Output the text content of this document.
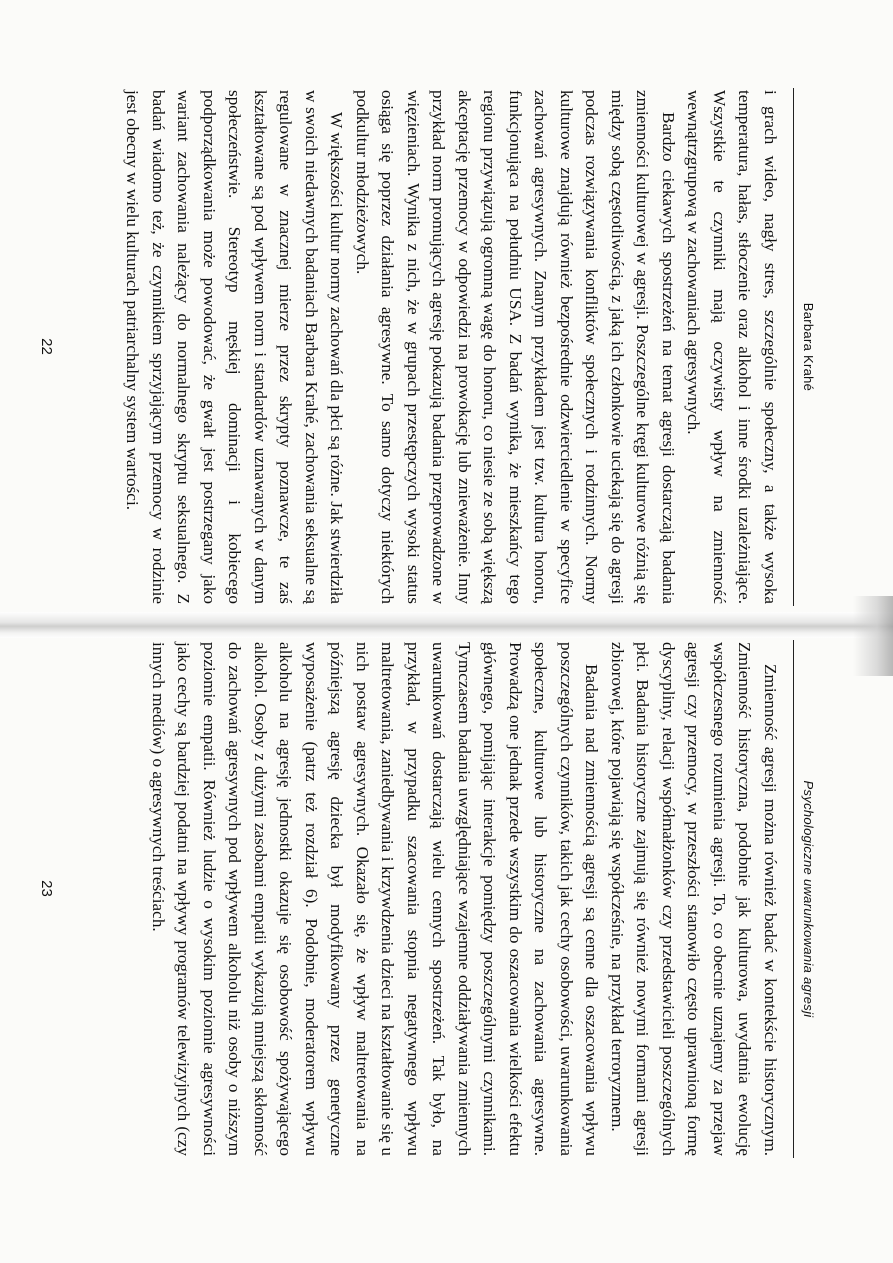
Barbara Krahé

i grach wideo, nagły stres, szczególnie społeczny, a także wysoka temperatura, hałas, stłoczenie oraz alkohol i inne środki uzależniające. Wszystkie te czynniki mają oczywisty wpływ na zmienność wewnątrzgrupową w zachowaniach agresywnych.

Bardzo ciekawych spostrzeżeń na temat agresji dostarczają badania zmienności kulturowej w agresji. Poszczególne kręgi kulturowe różnią się między sobą częstotliwością, z jaką ich członkowie uciekają się do agresji podczas rozwiązywania konfliktów społecznych i rodzinnych. Normy kulturowe znajdują również bezpośrednie odzwierciedlenie w specyfice zachowań agresywnych. Znanym przykładem jest tzw. kultura honoru, funkcjonująca na południu USA. Z badań wynika, że mieszkańcy tego regionu przywiązują ogromną wagę do honoru, co niesie ze sobą większą akceptację przemocy w odpowiedzi na prowokację lub znieważenie. Inny przykład norm promujących agresję pokazują badania przeprowadzone w więzieniach. Wynika z nich, że w grupach przestępczych wysoki status osiąga się poprzez działania agresywne. To samo dotyczy niektórych podkultur młodzieżowych.

W większości kultur normy zachowań dla płci są różne. Jak stwierdziła w swoich niedawnych badaniach Barbara Krahé, zachowania seksualne są regulowane w znacznej mierze przez skrypty poznawcze, te zaś kształtowane są pod wpływem norm i standardów uznawanych w danym społeczeństwie. Stereotyp męskiej dominacji i kobiecego podporządkowania może powodować, że gwałt jest postrzegany jako wariant zachowania należący do normalnego skryptu seksualnego. Z badań wiadomo też, że czynnikiem sprzyjającym przemocy w rodzinie jest obecny w wielu kulturach patriarchalny system wartości.

Psychologiczne uwarunkowania agresji

Zmienność agresji można również badać w kontekście historycznym. Zmienność historyczna, podobnie jak kulturowa, uwydatnia ewolucję współczesnego rozumienia agresji. To, co obecnie uznajemy za przejaw agresji czy przemocy, w przeszłości stanowiło często uprawnioną formę dyscypliny, relacji współmałżonków czy przedstawicieli poszczególnych płci. Badania historyczne zajmują się również nowymi formami agresji zbiorowej, które pojawiają się współcześnie, na przykład terroryzmem.

Badania nad zmiennością agresji są cenne dla oszacowania wpływu poszczególnych czynników, takich jak cechy osobowości, uwarunkowania społeczne, kulturowe lub historyczne na zachowania agresywne. Prowadzą one jednak przede wszystkim do oszacowania wielkości efektu głównego, pomijając interakcje pomiędzy poszczególnymi czynnikami. Tymczasem badania uwzględniające wzajemne oddziaływania zmiennych uwarunkowań dostarczają wielu cennych spostrzeżeń. Tak było, na przykład, w przypadku szacowania stopnia negatywnego wpływu maltretowania, zaniedbywania i krzywdzenia dzieci na kształtowanie się u nich postaw agresywnych. Okazało się, że wpływ maltretowania na późniejszą agresję dziecka był modyfikowany przez genetyczne wyposażenie (patrz też rozdział 6). Podobnie, moderatorem wpływu alkoholu na agresję jednostki okazuje się osobowość spożywającego alkohol. Osoby z dużymi zasobami empatii wykazują mniejszą skłonność do zachowań agresywnych pod wpływem alkoholu niż osoby o niższym poziomie empatii. Również ludzie o wysokim poziomie agresywności jako cechy są bardziej podatni na wpływy programów telewizyjnych (czy innych mediów) o agresywnych treściach.

22
23
